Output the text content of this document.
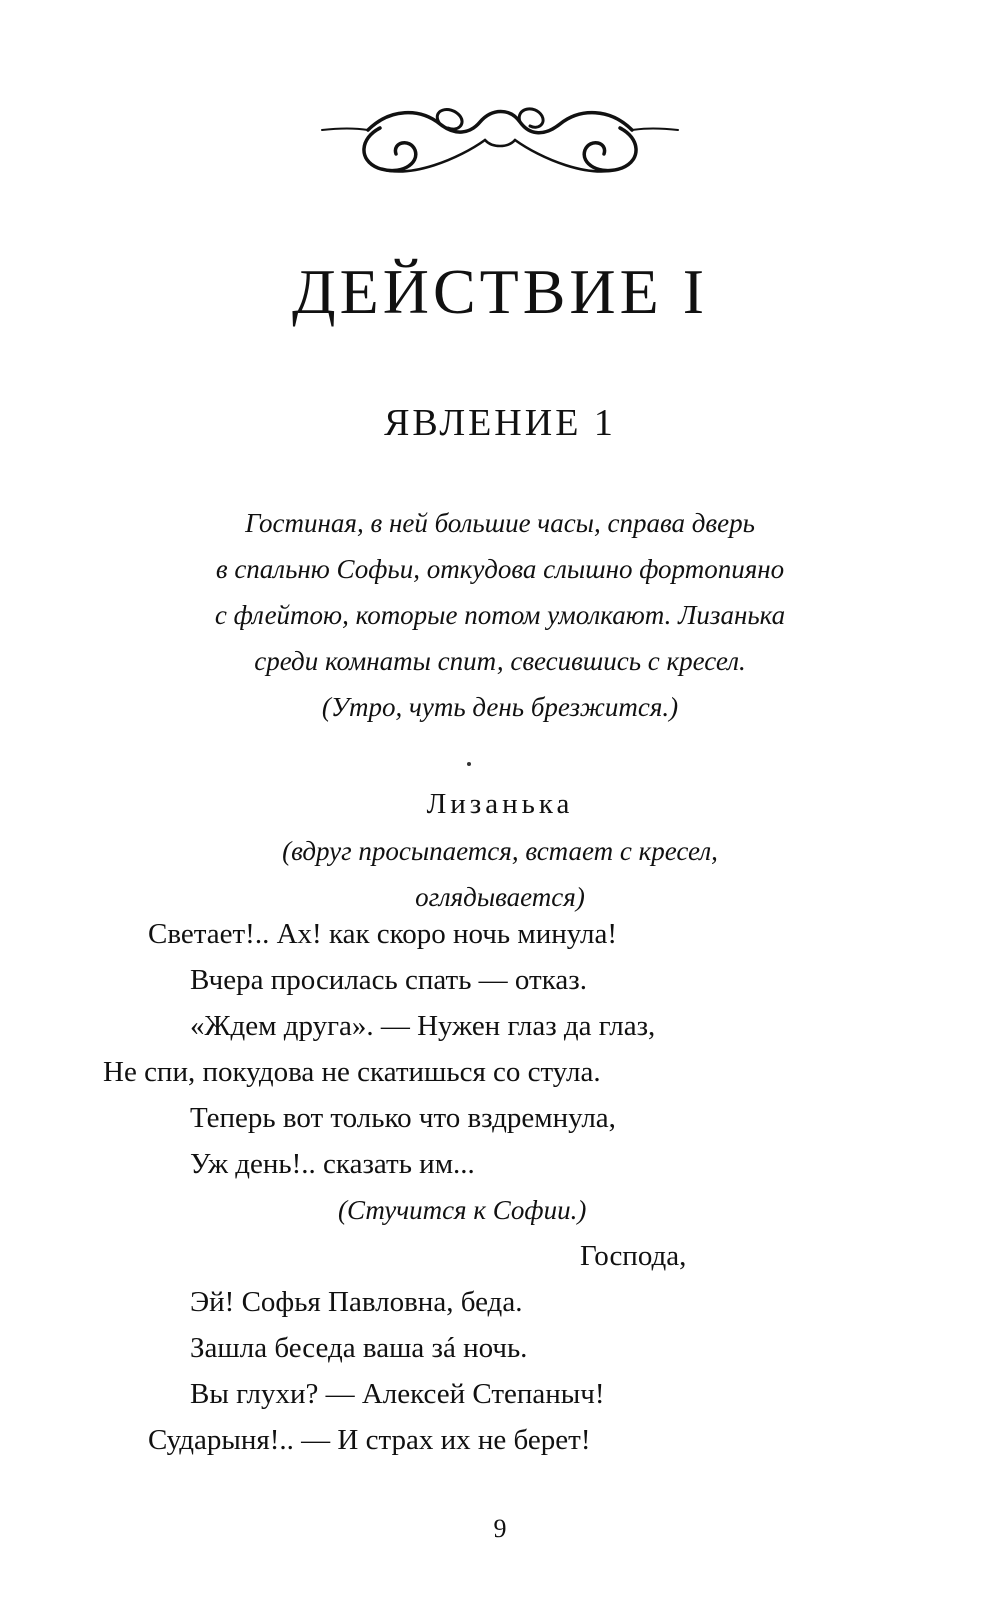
ДЕЙСТВИЕ I
ЯВЛЕНИЕ 1
Гостиная, в ней большие часы, справа дверь
в спальню Софьи, откудова слышно фортопияно
с флейтою, которые потом умолкают. Лизанька
среди комнаты спит, свесившись с кресел.
(Утро, чуть день брезжится.)
Лизанька
(вдруг просыпается, встает с кресел,
оглядывается)
Светает!.. Ах! как скоро ночь минула!
Вчера просилась спать — отказ.
«Ждем друга». — Нужен глаз да глаз,
Не спи, покудова не скатишься со стула.
Теперь вот только что вздремнула,
Уж день!.. сказать им...
(Стучится к Софии.)
Господа,
Эй! Софья Павловна, беда.
Зашла беседа ваша зá ночь.
Вы глухи? — Алексей Степаныч!
Сударыня!.. — И страх их не берет!
9
